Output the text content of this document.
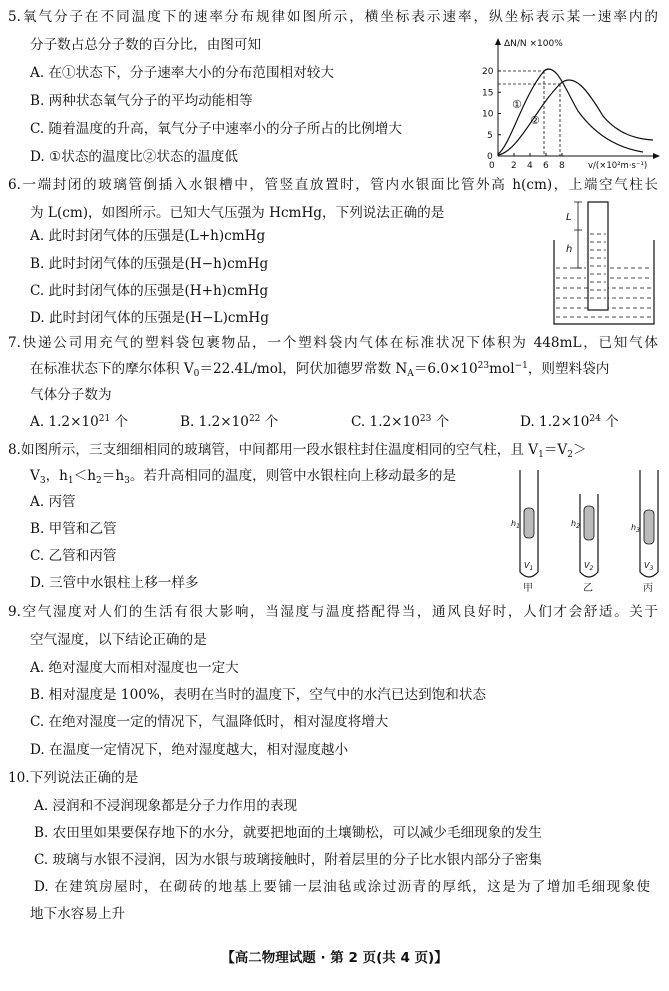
5.氧气分子在不同温度下的速率分布规律如图所示，横坐标表示速率，纵坐标表示某一速率内的
分子数占总分子数的百分比，由图可知
A. 在①状态下，分子速率大小的分布范围相对较大
B. 两种状态氧气分子的平均动能相等
C. 随着温度的升高，氧气分子中速率小的分子所占的比例增大
D. ①状态的温度比②状态的温度低
ΔN/N ×100%
0
5
10
15
20
2 4 6 8
0
①
②
v/(×10²m·s⁻¹)
6.一端封闭的玻璃管倒插入水银槽中，管竖直放置时，管内水银面比管外高 h(cm)，上端空气柱长
为 L(cm)，如图所示。已知大气压强为 HcmHg，下列说法正确的是
A. 此时封闭气体的压强是(L+h)cmHg
B. 此时封闭气体的压强是(H−h)cmHg
C. 此时封闭气体的压强是(H+h)cmHg
D. 此时封闭气体的压强是(H−L)cmHg
L
h
7.快递公司用充气的塑料袋包裹物品，一个塑料袋内气体在标准状况下体积为 448mL，已知气体
在标准状态下的摩尔体积 $V_0=22.4L$/mol，阿伏加德罗常数 $N_A=6.0\times 10^{23}mol^{-1}$，则塑料袋内
气体分子数为
A. $1.2\times 10^{21}$ 个	B. $1.2\times 10^{22}$ 个	C. $1.2\times 10^{23}$ 个	D. $1.2\times 10^{24}$ 个
8.如图所示，三支细细相同的玻璃管，中间都用一段水银柱封住温度相同的空气柱，且 $V_1=V_2>$
$V_3$，$h_1<h_2=h_3$。若升高相同的温度，则管中水银柱向上移动最多的是
A. 丙管
B. 甲管和乙管
C. 乙管和丙管
D. 三管中水银柱上移一样多
$h_1$
$V_1$
甲
$h_2$
$V_2$
乙
$h_3$
$V_3$
丙
9.空气湿度对人们的生活有很大影响，当湿度与温度搭配得当，通风良好时，人们才会舒适。关于
空气湿度，以下结论正确的是
A. 绝对湿度大而相对湿度也一定大
B. 相对湿度是 100%，表明在当时的温度下，空气中的水汽已达到饱和状态
C. 在绝对湿度一定的情况下，气温降低时，相对湿度将增大
D. 在温度一定情况下，绝对湿度越大，相对湿度越小
10.下列说法正确的是
A. 浸润和不浸润现象都是分子力作用的表现
B. 农田里如果要保存地下的水分，就要把地面的土壤锄松，可以减少毛细现象的发生
C. 玻璃与水银不浸润，因为水银与玻璃接触时，附着层里的分子比水银内部分子密集
D. 在建筑房屋时，在砌砖的地基上要铺一层油毡或涂过沥青的厚纸，这是为了增加毛细现象使
地下水容易上升
【高二物理试题 · 第 2 页(共 4 页)】
